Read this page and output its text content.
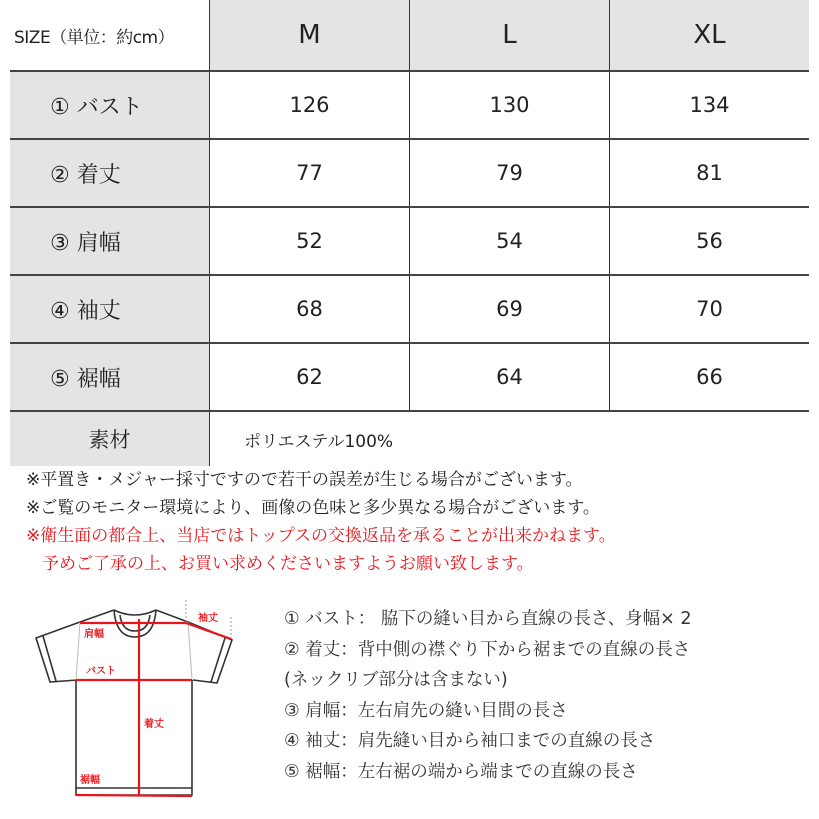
SIZE（単位：約cm）	M	L	XL
① バスト	126	130	134
② 着丈	77	79	81
③ 肩幅	52	54	56
④ 袖丈	68	69	70
⑤ 裾幅	62	64	66
素材	ポリエステル100%
※平置き・メジャー採寸ですので若干の誤差が生じる場合がございます。
※ご覧のモニター環境により、画像の色味と多少異なる場合がございます。
※衛生面の都合上、当店ではトップスの交換返品を承ることが出来かねます。
予めご了承の上、お買い求めくださいますようお願い致します。
肩幅
袖丈
バスト
着丈
裾幅
① バスト： 脇下の縫い目から直線の長さ、身幅× 2
② 着丈：背中側の襟ぐり下から裾までの直線の長さ
(ネックリブ部分は含まない)
③ 肩幅：左右肩先の縫い目間の長さ
④ 袖丈：肩先縫い目から袖口までの直線の長さ
⑤ 裾幅：左右裾の端から端までの直線の長さ
